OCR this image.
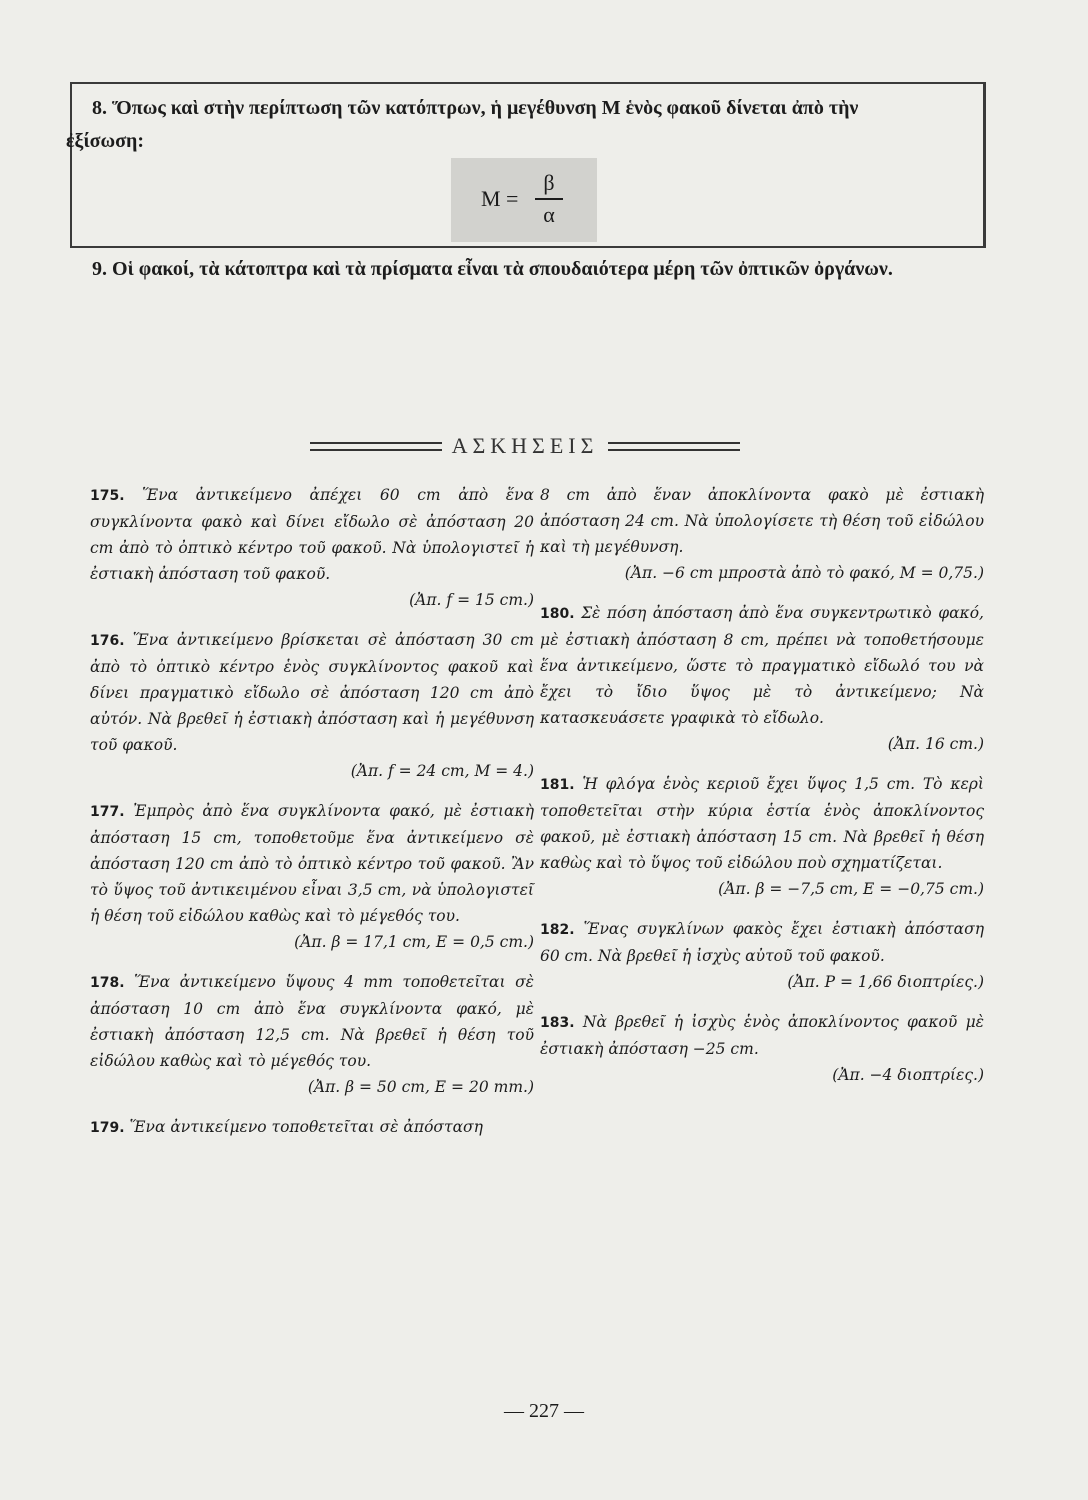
8. Ὅπως καὶ στὴν περίπτωση τῶν κατόπτρων, ἡ μεγέθυνση Μ ἑνὸς φακοῦ δίνεται ἀπὸ τὴν ἐξίσωση:

M =
β
α

9. Οἱ φακοί, τὰ κάτοπτρα καὶ τὰ πρίσματα εἶναι τὰ σπουδαιότερα μέρη τῶν ὀπτικῶν ὀργάνων.

ΑΣΚΗΣΕΙΣ

175. Ἕνα ἀντικείμενο ἀπέχει 60 cm ἀπὸ ἕνα συγκλίνοντα φακὸ καὶ δίνει εἴδωλο σὲ ἀπόσταση 20 cm ἀπὸ τὸ ὀπτικὸ κέντρο τοῦ φακοῦ. Νὰ ὑπολογιστεῖ ἡ ἐστιακὴ ἀπόσταση τοῦ φακοῦ.
(Ἀπ. f = 15 cm.)

176. Ἕνα ἀντικείμενο βρίσκεται σὲ ἀπόσταση 30 cm ἀπὸ τὸ ὀπτικὸ κέντρο ἑνὸς συγκλίνοντος φακοῦ καὶ δίνει πραγματικὸ εἴδωλο σὲ ἀπόσταση 120 cm ἀπὸ αὐτόν. Νὰ βρεθεῖ ἡ ἐστιακὴ ἀπόσταση καὶ ἡ μεγέθυνση τοῦ φακοῦ.
(Ἀπ. f = 24 cm, M = 4.)

177. Ἐμπρὸς ἀπὸ ἕνα συγκλίνοντα φακό, μὲ ἐστιακὴ ἀπόσταση 15 cm, τοποθετοῦμε ἕνα ἀντικείμενο σὲ ἀπόσταση 120 cm ἀπὸ τὸ ὀπτικὸ κέντρο τοῦ φακοῦ. Ἂν τὸ ὕψος τοῦ ἀντικειμένου εἶναι 3,5 cm, νὰ ὑπολογιστεῖ ἡ θέση τοῦ εἰδώλου καθὼς καὶ τὸ μέγεθός του.
(Ἀπ. β = 17,1 cm, E = 0,5 cm.)

178. Ἕνα ἀντικείμενο ὕψους 4 mm τοποθετεῖται σὲ ἀπόσταση 10 cm ἀπὸ ἕνα συγκλίνοντα φακό, μὲ ἐστιακὴ ἀπόσταση 12,5 cm. Νὰ βρεθεῖ ἡ θέση τοῦ εἰδώλου καθὼς καὶ τὸ μέγεθός του.
(Ἀπ. β = 50 cm, E = 20 mm.)

179. Ἕνα ἀντικείμενο τοποθετεῖται σὲ ἀπόσταση

8 cm ἀπὸ ἕναν ἀποκλίνοντα φακὸ μὲ ἐστιακὴ ἀπόσταση 24 cm. Νὰ ὑπολογίσετε τὴ θέση τοῦ εἰδώλου καὶ τὴ μεγέθυνση.
(Ἀπ. −6 cm μπροστὰ ἀπὸ τὸ φακό, M = 0,75.)

180. Σὲ πόση ἀπόσταση ἀπὸ ἕνα συγκεντρωτικὸ φακό, μὲ ἐστιακὴ ἀπόσταση 8 cm, πρέπει νὰ τοποθετήσουμε ἕνα ἀντικείμενο, ὥστε τὸ πραγματικὸ εἴδωλό του νὰ ἔχει τὸ ἴδιο ὕψος μὲ τὸ ἀντικείμενο; Νὰ κατασκευάσετε γραφικὰ τὸ εἴδωλο.
(Ἀπ. 16 cm.)

181. Ἡ φλόγα ἑνὸς κεριοῦ ἔχει ὕψος 1,5 cm. Τὸ κερὶ τοποθετεῖται στὴν κύρια ἑστία ἑνὸς ἀποκλίνοντος φακοῦ, μὲ ἐστιακὴ ἀπόσταση 15 cm. Νὰ βρεθεῖ ἡ θέση καθὼς καὶ τὸ ὕψος τοῦ εἰδώλου ποὺ σχηματίζεται.
(Ἀπ. β = −7,5 cm, E = −0,75 cm.)

182. Ἕνας συγκλίνων φακὸς ἔχει ἐστιακὴ ἀπόσταση 60 cm. Νὰ βρεθεῖ ἡ ἰσχὺς αὐτοῦ τοῦ φακοῦ.
(Ἀπ. P = 1,66 διοπτρίες.)

183. Νὰ βρεθεῖ ἡ ἰσχὺς ἑνὸς ἀποκλίνοντος φακοῦ μὲ ἐστιακὴ ἀπόσταση −25 cm.
(Ἀπ. −4 διοπτρίες.)

— 227 —
